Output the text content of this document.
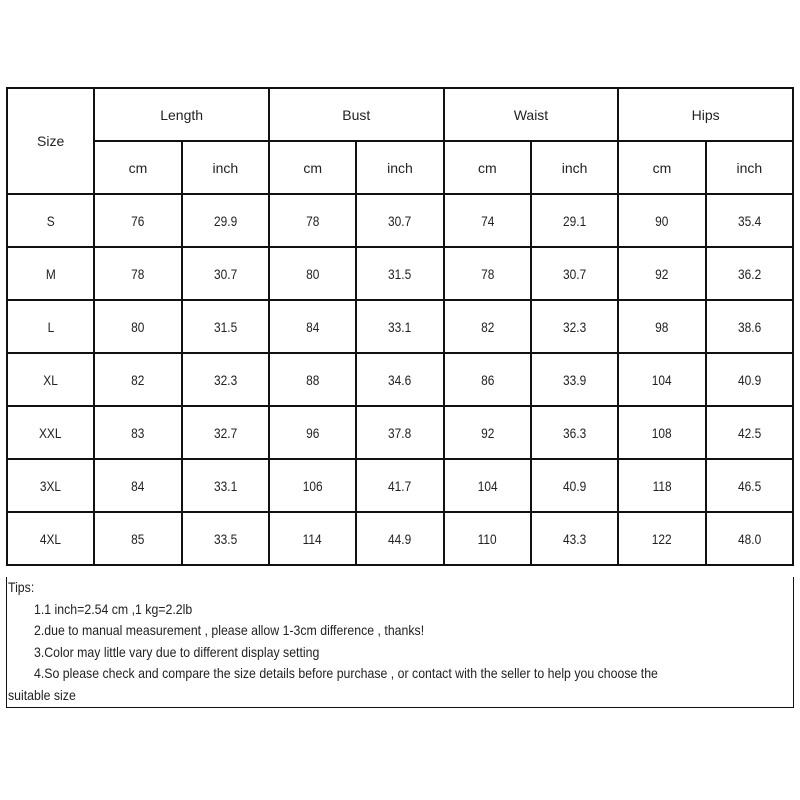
Size	Length		Bust		Waist		Hips	
	cm	inch	cm	inch	cm	inch	cm	inch
S	76	29.9	78	30.7	74	29.1	90	35.4
M	78	30.7	80	31.5	78	30.7	92	36.2
L	80	31.5	84	33.1	82	32.3	98	38.6
XL	82	32.3	88	34.6	86	33.9	104	40.9
XXL	83	32.7	96	37.8	92	36.3	108	42.5
3XL	84	33.1	106	41.7	104	40.9	118	46.5
4XL	85	33.5	114	44.9	110	43.3	122	48.0
Tips:
1.1 inch=2.54 cm ,1 kg=2.2lb
2.due to manual measurement , please allow 1-3cm difference , thanks!
3.Color may little vary due to different display setting
4.So please check and compare the size details before purchase , or contact with the seller to help you choose the
suitable size
